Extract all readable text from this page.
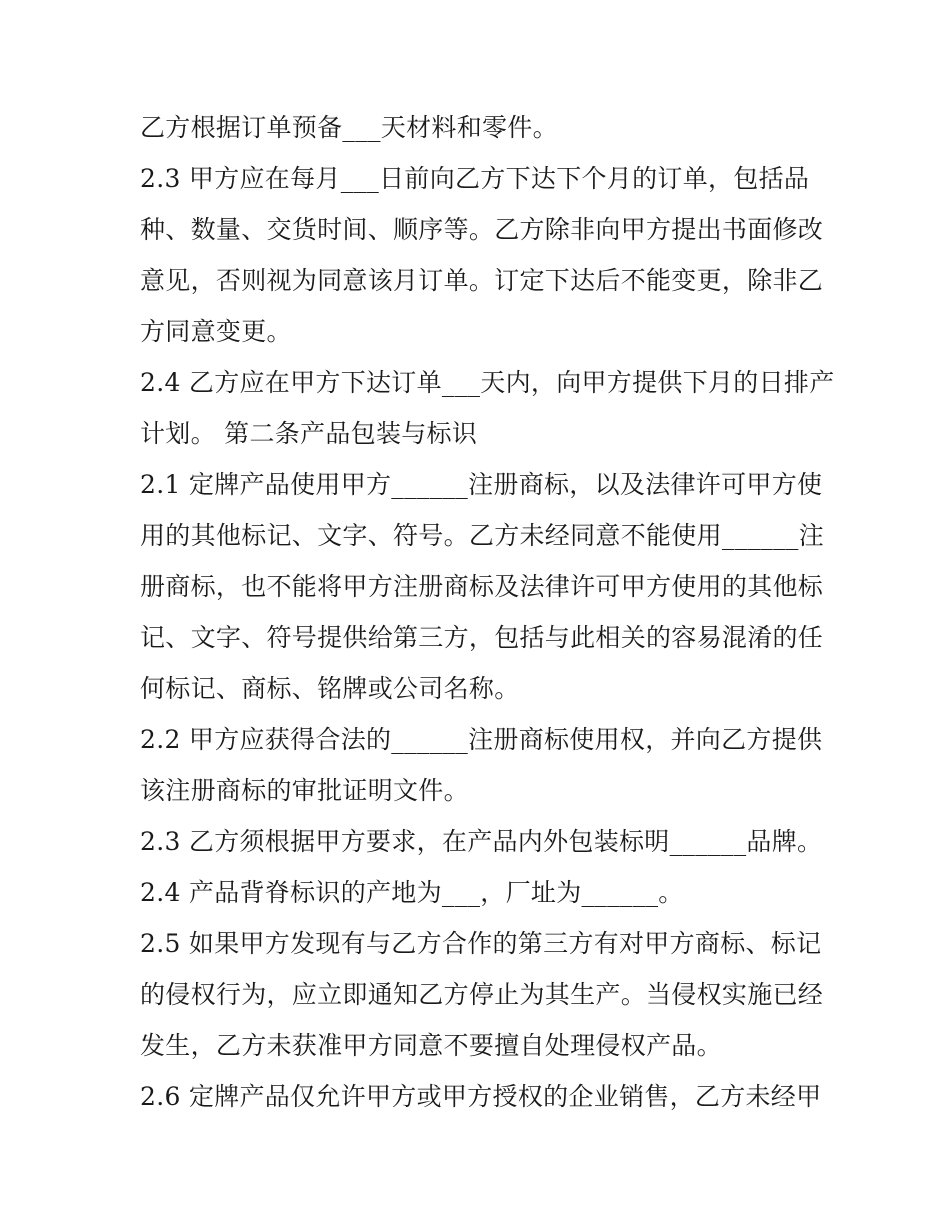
乙方根据订单预备___天材料和零件。
2.3 甲方应在每月___日前向乙方下达下个月的订单，包括品
种、数量、交货时间、顺序等。乙方除非向甲方提出书面修改
意见，否则视为同意该月订单。订定下达后不能变更，除非乙
方同意变更。
2.4 乙方应在甲方下达订单___天内，向甲方提供下月的日排产
计划。 第二条产品包装与标识
2.1 定牌产品使用甲方______注册商标，以及法律许可甲方使
用的其他标记、文字、符号。乙方未经同意不能使用______注
册商标，也不能将甲方注册商标及法律许可甲方使用的其他标
记、文字、符号提供给第三方，包括与此相关的容易混淆的任
何标记、商标、铭牌或公司名称。
2.2 甲方应获得合法的______注册商标使用权，并向乙方提供
该注册商标的审批证明文件。
2.3 乙方须根据甲方要求，在产品内外包装标明______品牌。
2.4 产品背脊标识的产地为___，厂址为______。
2.5 如果甲方发现有与乙方合作的第三方有对甲方商标、标记
的侵权行为，应立即通知乙方停止为其生产。当侵权实施已经
发生，乙方未获准甲方同意不要擅自处理侵权产品。
2.6 定牌产品仅允许甲方或甲方授权的企业销售，乙方未经甲
